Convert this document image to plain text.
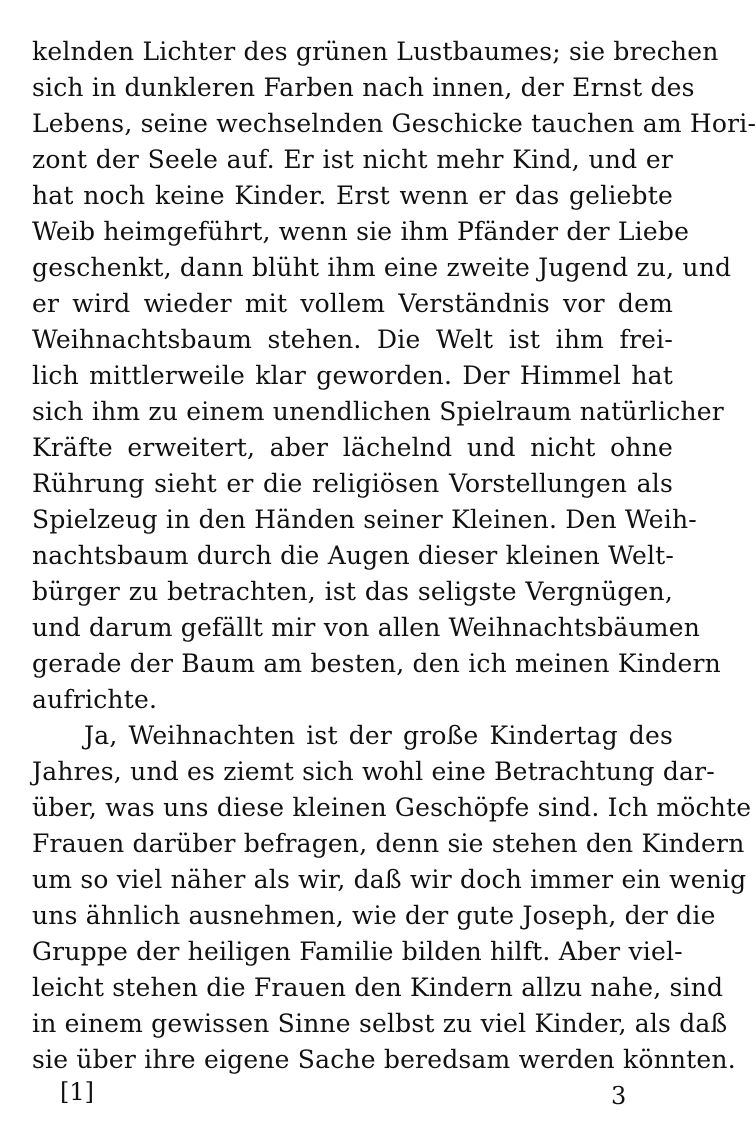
kelnden Lichter des grünen Lustbaumes; sie brechen
sich in dunkleren Farben nach innen, der Ernst des
Lebens, seine wechselnden Geschicke tauchen am Hori-
zont der Seele auf. Er ist nicht mehr Kind, und er
hat noch keine Kinder. Erst wenn er das geliebte
Weib heimgeführt, wenn sie ihm Pfänder der Liebe
geschenkt, dann blüht ihm eine zweite Jugend zu, und
er wird wieder mit vollem Verständnis vor dem
Weihnachtsbaum stehen. Die Welt ist ihm frei-
lich mittlerweile klar geworden. Der Himmel hat
sich ihm zu einem unendlichen Spielraum natürlicher
Kräfte erweitert, aber lächelnd und nicht ohne
Rührung sieht er die religiösen Vorstellungen als
Spielzeug in den Händen seiner Kleinen. Den Weih-
nachtsbaum durch die Augen dieser kleinen Welt-
bürger zu betrachten, ist das seligste Vergnügen,
und darum gefällt mir von allen Weihnachtsbäumen
gerade der Baum am besten, den ich meinen Kindern
aufrichte.
Ja, Weihnachten ist der große Kindertag des
Jahres, und es ziemt sich wohl eine Betrachtung dar-
über, was uns diese kleinen Geschöpfe sind. Ich möchte
Frauen darüber befragen, denn sie stehen den Kindern
um so viel näher als wir, daß wir doch immer ein wenig
uns ähnlich ausnehmen, wie der gute Joseph, der die
Gruppe der heiligen Familie bilden hilft. Aber viel-
leicht stehen die Frauen den Kindern allzu nahe, sind
in einem gewissen Sinne selbst zu viel Kinder, als daß
sie über ihre eigene Sache beredsam werden könnten.
[1]	3
